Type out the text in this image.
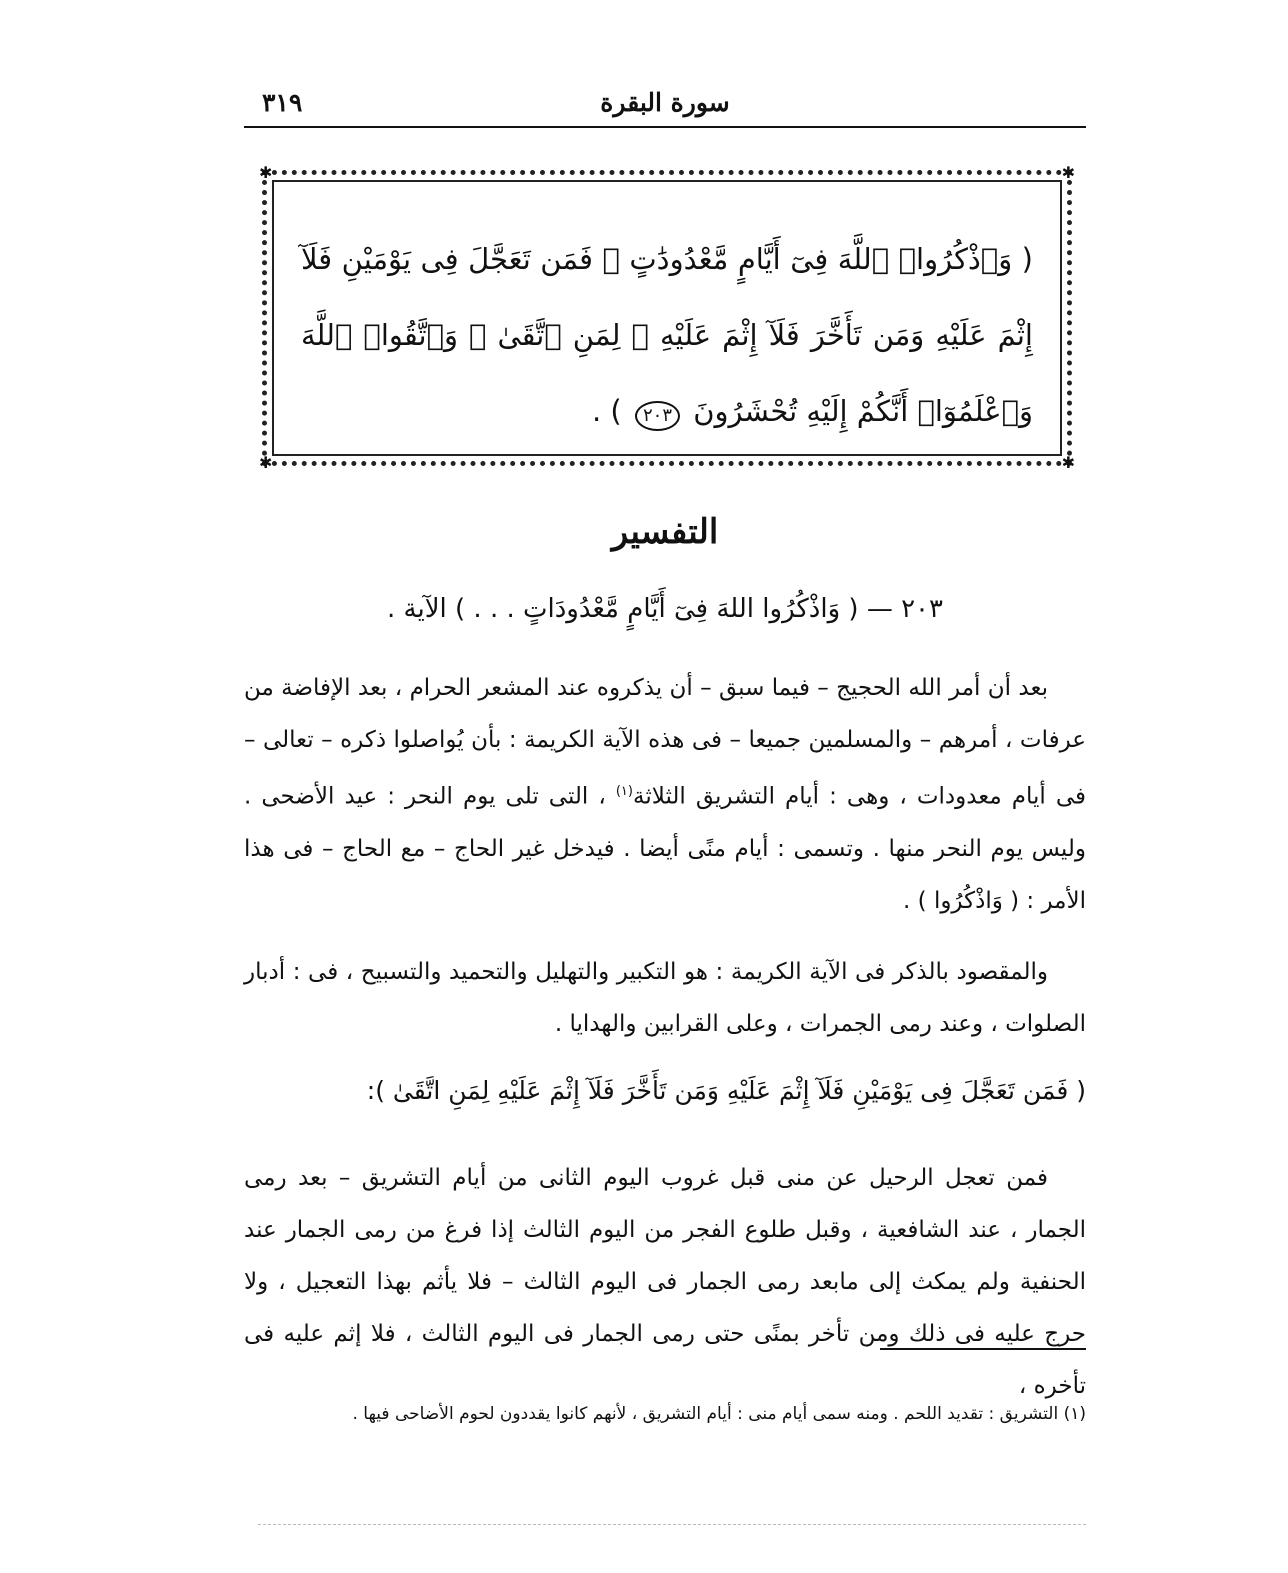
سورة البقرة
٣١٩
✱	✱
✱	✱
( وَٱذْكُرُوا۟ ٱللَّهَ فِىٓ أَيَّامٍ مَّعْدُودَٰتٍ ۚ فَمَن تَعَجَّلَ فِى يَوْمَيْنِ فَلَآ إِثْمَ عَلَيْهِ وَمَن تَأَخَّرَ فَلَآ إِثْمَ عَلَيْهِ ۚ لِمَنِ ٱتَّقَىٰ ۗ وَٱتَّقُوا۟ ٱللَّهَ وَٱعْلَمُوٓا۟ أَنَّكُمْ إِلَيْهِ تُحْشَرُونَ ٢٠٣ ) .
التفسير
٢٠٣ — ( وَاذْكُرُوا اللهَ فِىٓ أَيَّامٍ مَّعْدُودَاتٍ . . . ) الآية .

بعد أن أمر الله الحجيج – فيما سبق – أن يذكروه عند المشعر الحرام ، بعد الإفاضة من عرفات ، أمرهم – والمسلمين جميعا – فى هذه الآية الكريمة : بأن يُواصلوا ذكره – تعالى – فى أيام معدودات ، وهى : أيام التشريق الثلاثة$^{(١)}$ ، التى تلى يوم النحر : عيد الأضحى . وليس يوم النحر منها . وتسمى : أيام منًى أيضا . فيدخل غير الحاج – مع الحاج – فى هذا الأمر : ( وَاذْكُرُوا ) .

والمقصود بالذكر فى الآية الكريمة : هو التكبير والتهليل والتحميد والتسبيح ، فى : أدبار الصلوات ، وعند رمى الجمرات ، وعلى القرابين والهدايا .

( فَمَن تَعَجَّلَ فِى يَوْمَيْنِ فَلَآ إِثْمَ عَلَيْهِ وَمَن تَأَخَّرَ فَلَآ إِثْمَ عَلَيْهِ لِمَنِ اتَّقَىٰ ):

فمن تعجل الرحيل عن منى قبل غروب اليوم الثانى من أيام التشريق – بعد رمى الجمار ، عند الشافعية ، وقبل طلوع الفجر من اليوم الثالث إذا فرغ من رمى الجمار عند الحنفية ولم يمكث إلى مابعد رمى الجمار فى اليوم الثالث – فلا يأثم بهذا التعجيل ، ولا حرج عليه فى ذلك ومن تأخر بمنًى حتى رمى الجمار فى اليوم الثالث ، فلا إثم عليه فى تأخره ،

(١) التشريق : تقديد اللحم . ومنه سمى أيام منى : أيام التشريق ، لأنهم كانوا يقددون لحوم الأضاحى فيها .
